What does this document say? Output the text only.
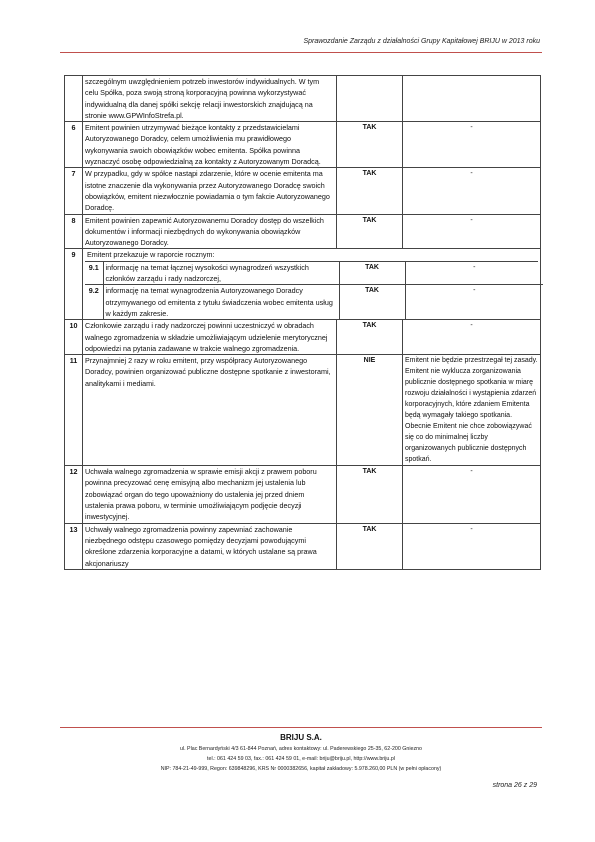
Sprawozdanie Zarządu z działalności Grupy Kapitałowej BRIJU w 2013 roku
	szczególnym uwzględnieniem potrzeb inwestorów indywidualnych. W tym celu Spółka, poza swoją stroną korporacyjną powinna wykorzystywać indywidualną dla danej spółki sekcję relacji inwestorskich znajdującą na stronie www.GPWInfoStrefa.pl.		
6	Emitent powinien utrzymywać bieżące kontakty z przedstawicielami Autoryzowanego Doradcy, celem umożliwienia mu prawidłowego wykonywania swoich obowiązków wobec emitenta. Spółka powinna wyznaczyć osobę odpowiedzialną za kontakty z Autoryzowanym Doradcą.	TAK	-
7	W przypadku, gdy w spółce nastąpi zdarzenie, które w ocenie emitenta ma istotne znaczenie dla wykonywania przez Autoryzowanego Doradcę swoich obowiązków, emitent niezwłocznie powiadamia o tym fakcie Autoryzowanego Doradcę.	TAK	-
8	Emitent powinien zapewnić Autoryzowanemu Doradcy dostęp do wszelkich dokumentów i informacji niezbędnych do wykonywania obowiązków Autoryzowanego Doradcy.	TAK	-
9	Emitent przekazuje w raporcie rocznym:
9.1	informację na temat łącznej wysokości wynagrodzeń wszystkich członków zarządu i rady nadzorczej,	TAK	-
9.2	informację na temat wynagrodzenia Autoryzowanego Doradcy otrzymywanego od emitenta z tytułu świadczenia wobec emitenta usług w każdym zakresie.	TAK	-

10	Członkowie zarządu i rady nadzorczej powinni uczestniczyć w obradach walnego zgromadzenia w składzie umożliwiającym udzielenie merytorycznej odpowiedzi na pytania zadawane w trakcie walnego zgromadzenia.	TAK	-
11	Przynajmniej 2 razy w roku emitent, przy współpracy Autoryzowanego Doradcy, powinien organizować publiczne dostępne spotkanie z inwestorami, analitykami i mediami.	NIE	Emitent nie będzie przestrzegał tej zasady. Emitent nie wyklucza zorganizowania publicznie dostępnego spotkania w miarę rozwoju działalności i wystąpienia zdarzeń korporacyjnych, które zdaniem Emitenta będą wymagały takiego spotkania. Obecnie Emitent nie chce zobowiązywać się co do minimalnej liczby organizowanych publicznie dostępnych spotkań.
12	Uchwała walnego zgromadzenia w sprawie emisji akcji z prawem poboru powinna precyzować cenę emisyjną albo mechanizm jej ustalenia lub zobowiązać organ do tego upoważniony do ustalenia jej przed dniem ustalenia prawa poboru, w terminie umożliwiającym podjęcie decyzji inwestycyjnej.	TAK	-
13	Uchwały walnego zgromadzenia powinny zapewniać zachowanie niezbędnego odstępu czasowego pomiędzy decyzjami powodującymi określone zdarzenia korporacyjne a datami, w których ustalane są prawa akcjonariuszy	TAK	-
BRIJU S.A.
ul. Plac Bernardyński 4/3 61-844 Poznań, adres kontaktowy: ul. Paderewskiego 25-35, 62-200 Gniezno
tel.: 061 424 59 03, fax.: 061 424 59 01, e-mail: briju@briju.pl, http://www.briju.pl
NIP: 784-21-49-999, Regon: 639848296, KRS Nr 0000382656, kapitał zakładowy: 5.978.260,00 PLN (w pełni opłacony)
strona 26 z 29
